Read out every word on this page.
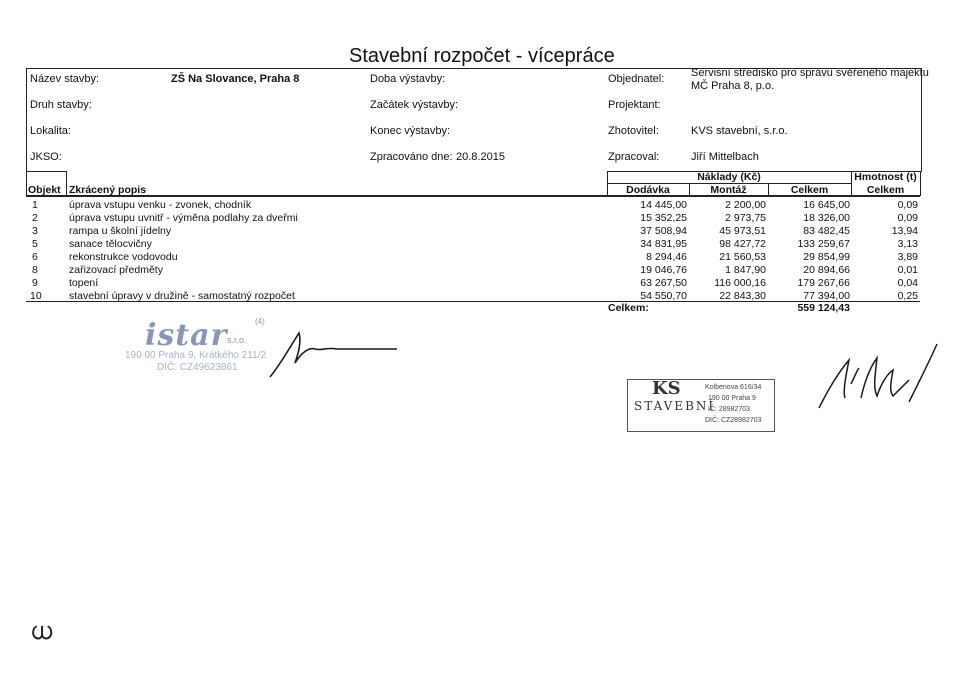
Stavební rozpočet - vícepráce
Název stavby:	ZŠ Na Slovance, Praha 8	Doba výstavby:	Objednatel: Servisní středisko pro správu svěřeného majektu
MČ Praha 8, p.o.
Druh stavby:	Začátek výstavby:	Projektant:
Lokalita:	Konec výstavby:	Zhotovitel:	KVS stavební, s.r.o.
JKSO:	Zpracováno dne: 20.8.2015	Zpracoval:	Jiří Mittelbach
Objekt Zkrácený popis
Náklady (Kč)	Hmotnost (t)
Dodávka	Montáž	Celkem	Celkem
1	úprava vstupu venku - zvonek, chodník	14 445,00	2 200,00	16 645,00	0,09
2	úprava vstupu uvnitř - výměna podlahy za dveřmi	15 352,25	2 973,75	18 326,00	0,09
3	rampa u školní jídelny	37 508,94	45 973,51	83 482,45	13,94
5	sanace tělocvičny	34 831,95	98 427,72	133 259,67	3,13
6	rekonstrukce vodovodu	8 294,46	21 560,53	29 854,99	3,89
8	zařizovací předměty	19 046,76	1 847,90	20 894,66	0,01
9	topení	63 267,50	116 000,16	179 267,66	0,04
10	stavební úpravy v družině - samostatný rozpočet	54 550,70	22 843,30	77 394,00	0,25
Celkem:	559 124,43
istar s.r.o.
(4)
190 00 Praha 9, Krátkého 211/2
DIČ: CZ49623861
KS
STAVEBNÍ
Kolbenova 616/34
190 00 Praha 9
IČ: 28982703
DIČ: CZ28982703
ധ
